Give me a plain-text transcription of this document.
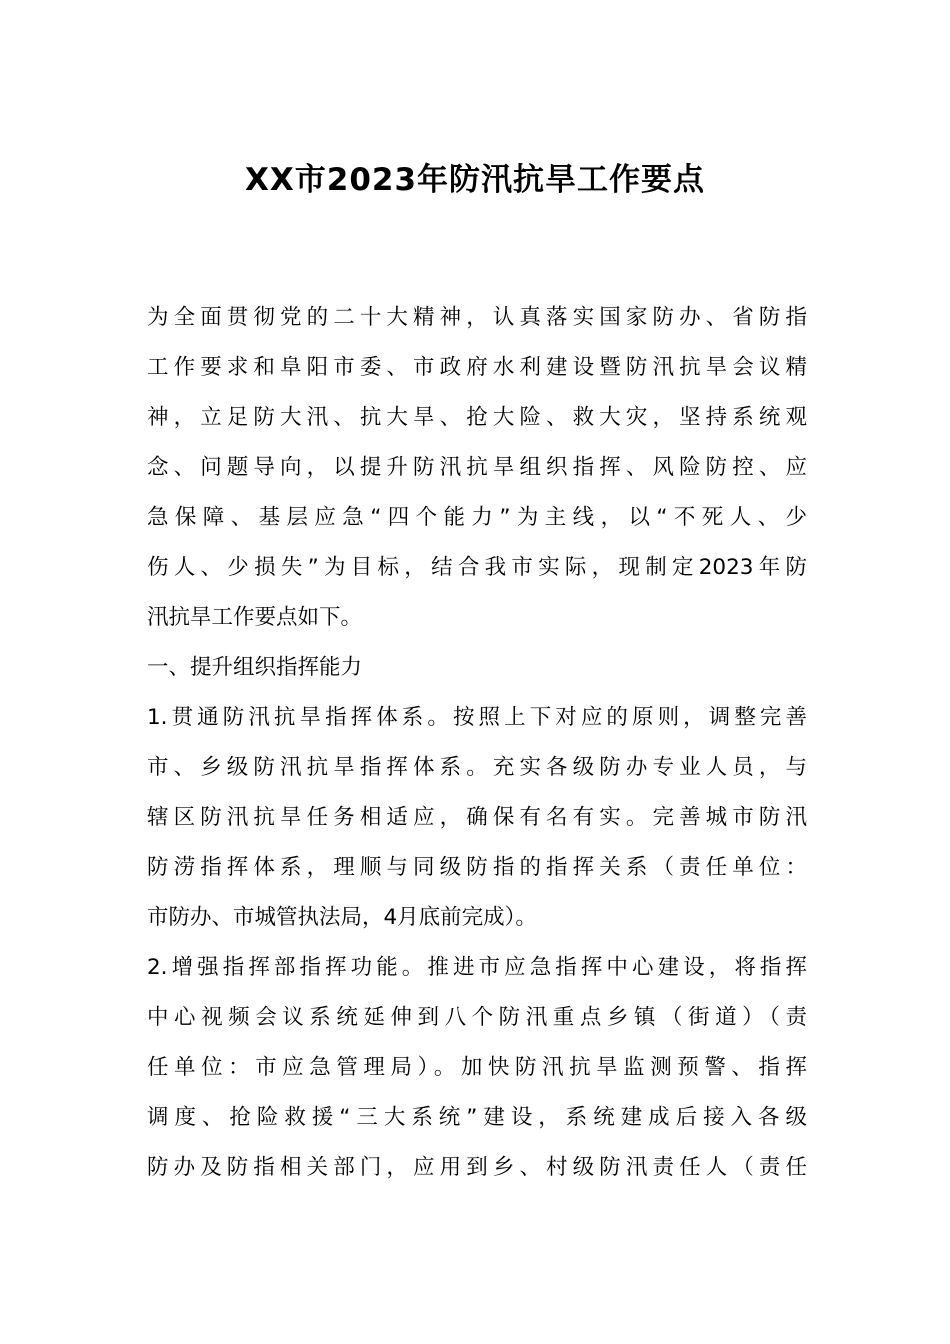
XX市2023年防汛抗旱工作要点
为全面贯彻党的二十大精神，认真落实国家防办、省防指
工作要求和阜阳市委、市政府水利建设暨防汛抗旱会议精
神，立足防大汛、抗大旱、抢大险、救大灾，坚持系统观
念、问题导向，以提升防汛抗旱组织指挥、风险防控、应
急保障、基层应急“四个能力”为主线，以“不死人、少
伤人、少损失”为目标，结合我市实际，现制定2023年防
汛抗旱工作要点如下。
一、提升组织指挥能力
1.贯通防汛抗旱指挥体系。按照上下对应的原则，调整完善
市、乡级防汛抗旱指挥体系。充实各级防办专业人员，与
辖区防汛抗旱任务相适应，确保有名有实。完善城市防汛
防涝指挥体系，理顺与同级防指的指挥关系（责任单位：
市防办、市城管执法局，4月底前完成）。
2.增强指挥部指挥功能。推进市应急指挥中心建设，将指挥
中心视频会议系统延伸到八个防汛重点乡镇（街道）（责
任单位：市应急管理局）。加快防汛抗旱监测预警、指挥
调度、抢险救援“三大系统”建设，系统建成后接入各级
防办及防指相关部门，应用到乡、村级防汛责任人（责任
